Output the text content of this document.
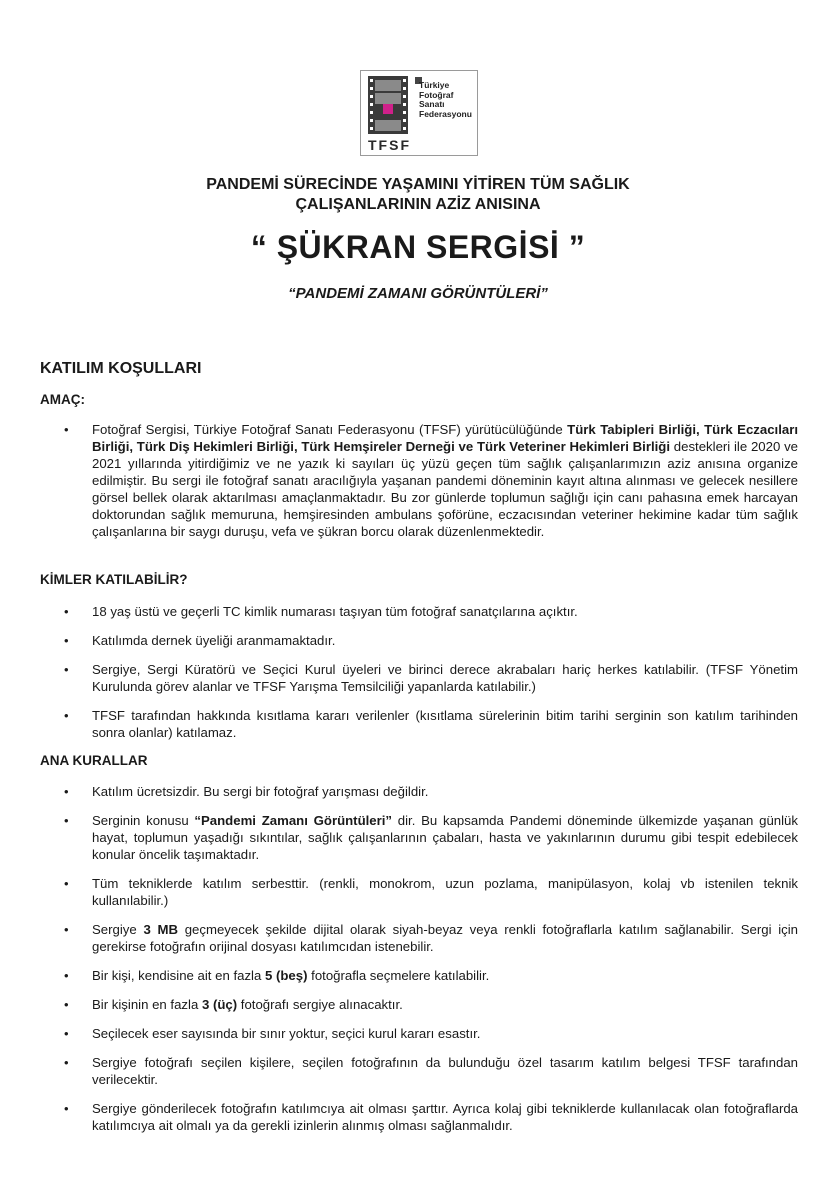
Türkiye
Fotoğraf
Sanatı
Federasyonu
TFSF
PANDEMİ SÜRECİNDE YAŞAMINI YİTİREN TÜM SAĞLIK
ÇALIŞANLARININ AZİZ ANISINA
“ ŞÜKRAN SERGİSİ ”
“PANDEMİ ZAMANI GÖRÜNTÜLERİ”
KATILIM KOŞULLARI
AMAÇ:
• Fotoğraf Sergisi, Türkiye Fotoğraf Sanatı Federasyonu (TFSF) yürütücülüğünde Türk Tabipleri Birliği, Türk Eczacıları Birliği, Türk Diş Hekimleri Birliği, Türk Hemşireler Derneği ve Türk Veteriner Hekimleri Birliği destekleri ile 2020 ve 2021 yıllarında yitirdiğimiz ve ne yazık ki sayıları üç yüzü geçen tüm sağlık çalışanlarımızın aziz anısına organize edilmiştir. Bu sergi ile fotoğraf sanatı aracılığıyla yaşanan pandemi döneminin kayıt altına alınması ve gelecek nesillere görsel bellek olarak aktarılması amaçlanmaktadır. Bu zor günlerde toplumun sağlığı için canı pahasına emek harcayan doktorundan sağlık memuruna, hemşiresinden ambulans şoförüne, eczacısından veteriner hekimine kadar tüm sağlık çalışanlarına bir saygı duruşu, vefa ve şükran borcu olarak düzenlenmektedir.
KİMLER KATILABİLİR?
• 18 yaş üstü ve geçerli TC kimlik numarası taşıyan tüm fotoğraf sanatçılarına açıktır.
• Katılımda dernek üyeliği aranmamaktadır.
• Sergiye, Sergi Küratörü ve Seçici Kurul üyeleri ve birinci derece akrabaları hariç herkes katılabilir. (TFSF Yönetim Kurulunda görev alanlar ve TFSF Yarışma Temsilciliği yapanlarda katılabilir.)
• TFSF tarafından hakkında kısıtlama kararı verilenler (kısıtlama sürelerinin bitim tarihi serginin son katılım tarihinden sonra olanlar) katılamaz.
ANA KURALLAR
• Katılım ücretsizdir. Bu sergi bir fotoğraf yarışması değildir.
• Serginin konusu “Pandemi Zamanı Görüntüleri” dir. Bu kapsamda Pandemi döneminde ülkemizde yaşanan günlük hayat, toplumun yaşadığı sıkıntılar, sağlık çalışanlarının çabaları, hasta ve yakınlarının durumu gibi tespit edebilecek konular öncelik taşımaktadır.
• Tüm tekniklerde katılım serbesttir. (renkli, monokrom, uzun pozlama, manipülasyon, kolaj vb istenilen teknik kullanılabilir.)
• Sergiye 3 MB geçmeyecek şekilde dijital olarak siyah-beyaz veya renkli fotoğraflarla katılım sağlanabilir. Sergi için gerekirse fotoğrafın orijinal dosyası katılımcıdan istenebilir.
• Bir kişi, kendisine ait en fazla 5 (beş) fotoğrafla seçmelere katılabilir.
• Bir kişinin en fazla 3 (üç) fotoğrafı sergiye alınacaktır.
• Seçilecek eser sayısında bir sınır yoktur, seçici kurul kararı esastır.
• Sergiye fotoğrafı seçilen kişilere, seçilen fotoğrafının da bulunduğu özel tasarım katılım belgesi TFSF tarafından verilecektir.
• Sergiye gönderilecek fotoğrafın katılımcıya ait olması şarttır. Ayrıca kolaj gibi tekniklerde kullanılacak olan fotoğraflarda katılımcıya ait olmalı ya da gerekli izinlerin alınmış olması sağlanmalıdır.
